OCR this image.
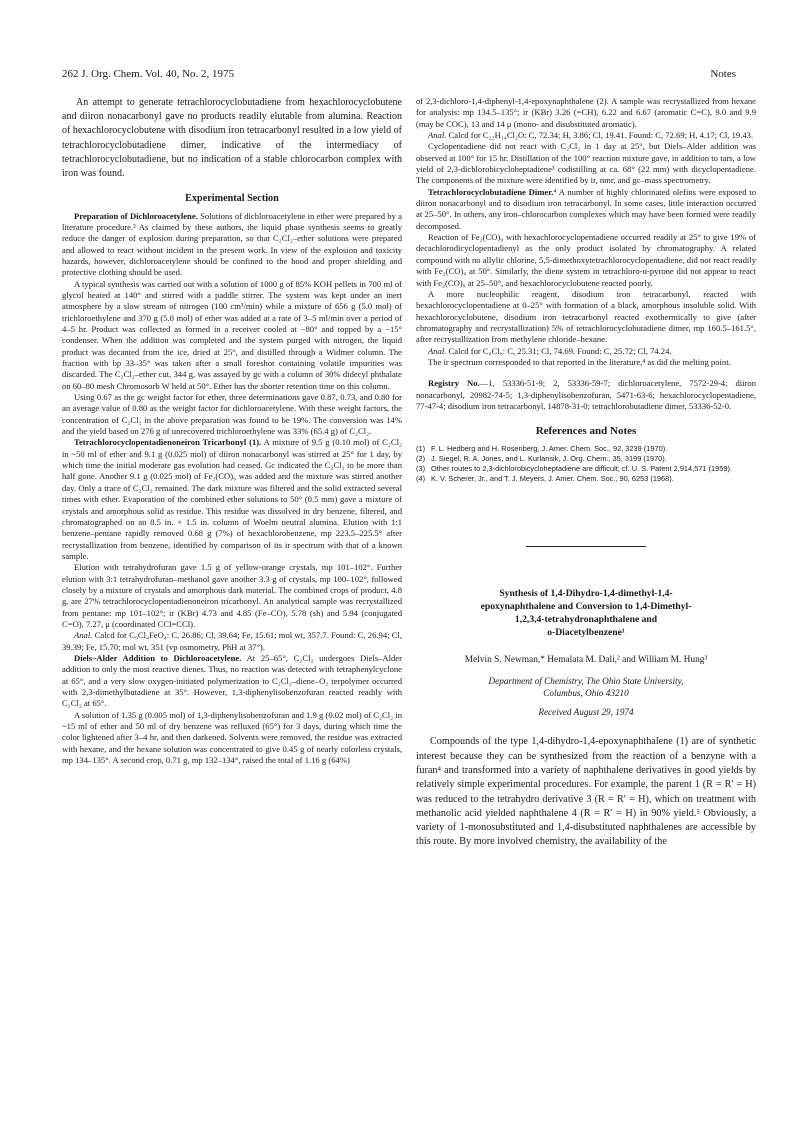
262 J. Org. Chem. Vol. 40, No. 2, 1975	Notes

An attempt to generate tetrachlorocyclobutadiene from hexachlorocyclobutene and diiron nonacarbonyl gave no products readily elutable from alumina. Reaction of hexachlorocyclobutene with disodium iron tetracarbonyl resulted in a low yield of tetrachlorocyclobutadiene dimer, indicative of the intermediacy of tetrachlorocyclobutadiene, but no indication of a stable chlorocarbon complex with iron was found.

Experimental Section

Preparation of Dichloroacetylene. Solutions of dichloroacetylene in ether were prepared by a literature procedure.² As claimed by these authors, the liquid phase synthesis seems to greatly reduce the danger of explosion during preparation, so that C₂Cl₂–ether solutions were prepared and allowed to react without incident in the present work. In view of the explosion and toxicity hazards, however, dichloroacetylene should be confined to the hood and proper shielding and protective clothing should be used.

A typical synthesis was carried out with a solution of 1000 g of 85% KOH pellets in 700 ml of glycol heated at 140° and stirred with a paddle stirrer. The system was kept under an inert atmosphere by a slow stream of nitrogen (100 cm³/min) while a mixture of 656 g (5.0 mol) of trichloroethylene and 370 g (5.0 mol) of ether was added at a rate of 3–5 ml/min over a period of 4–5 hr. Product was collected as formed in a receiver cooled at −80° and topped by a −15° condenser. When the addition was completed and the system purged with nitrogen, the liquid product was decanted from the ice, dried at 25°, and distilled through a Widmer column. The fraction with bp 33–35° was taken after a small foreshot containing volatile impurities was discarded. The C₂Cl₂–ether cut, 344 g, was assayed by gc with a column of 30% didecyl phthalate on 60–80 mesh Chromosorb W held at 50°. Ether has the shorter retention time on this column.

Using 0.67 as the gc weight factor for ether, three determinations gave 0.87, 0.73, and 0.80 for an average value of 0.80 as the weight factor for dichloroacetylene. With these weight factors, the concentration of C₂Cl₂ in the above preparation was found to be 19%. The conversion was 14% and the yield based on 276 g of unrecovered trichloroethylene was 33% (65.4 g) of C₂Cl₂.

Tetrachlorocyclopentadienoneiron Tricarbonyl (1). A mixture of 9.5 g (0.10 mol) of C₂Cl₂ in ~50 ml of ether and 9.1 g (0.025 mol) of diiron nonacarbonyl was stirred at 25° for 1 day, by which time the initial moderate gas evolution had ceased. Gc indicated the C₂Cl₂ to be more than half gone. Another 9.1 g (0.025 mol) of Fe₂(CO)₉ was added and the mixture was stirred another day. Only a trace of C₂Cl₂ remained. The dark mixture was filtered and the solid extracted several times with ether. Evaporation of the combined ether solutions to 50° (0.5 mm) gave a mixture of crystals and amorphous solid as residue. This residue was dissolved in dry benzene, filtered, and chromatographed on an 8.5 in. × 1.5 in. column of Woelm neutral alumina. Elution with 1:1 benzene–pentane rapidly removed 0.68 g (7%) of hexachlorobenzene, mp 223.5–225.5° after recrystallization from benzene, identified by comparison of its ir spectrum with that of a known sample.

Elution with tetrahydrofuran gave 1.5 g of yellow-orange crystals, mp 101–102°. Further elution with 3:1 tetrahydrofuran–methanol gave another 3.3 g of crystals, mp 100–102°, followed closely by a mixture of crystals and amorphous dark material. The combined crops of product, 4.8 g, are 27% tetrachlorocyclopentadienoneiron tricarbonyl. An analytical sample was recrystallized from pentane: mp 101–102°; ir (KBr) 4.73 and 4.85 (Fe–CO), 5.78 (sh) and 5.94 (conjugated C=O), 7.27, μ (coordinated CCl=CCl).

Anal. Calcd for C₉Cl₄FeO₄: C, 26.86; Cl, 39.64; Fe, 15.61; mol wt, 357.7. Found: C, 26.94; Cl, 39.39; Fe, 15.70; mol wt, 351 (vp osmometry, PhH at 37°).

Diels–Alder Addition to Dichloroacetylene. At 25–65°, C₂Cl₂ undergoes Diels–Alder addition to only the most reactive dienes. Thus, no reaction was detected with tetraphenylcyclone at 65°, and a very slow oxygen-initiated polymerization to C₂Cl₂–diene–O₂ terpolymer occurred with 2,3-dimethylbutadiene at 35°. However, 1,3-diphenylisobenzofuran reacted readily with C₂Cl₂ at 65°.

A solution of 1.35 g (0.005 mol) of 1,3-diphenylisobenzofuran and 1.9 g (0.02 mol) of C₂Cl₂ in ~15 ml of ether and 50 ml of dry benzene was refluxed (65°) for 3 days, during which time the color lightened after 3–4 hr, and then darkened. Solvents were removed, the residue was extracted with hexane, and the hexane solution was concentrated to give 0.45 g of nearly colorless crystals, mp 134–135°. A second crop, 0.71 g, mp 132–134°, raised the total of 1.16 g (64%)

of 2,3-dichloro-1,4-diphenyl-1,4-epoxynaphthalene (2). A sample was recrystallized from hexane for analysis: mp 134.5–135°; ir (KBr) 3.26 (=CH), 6.22 and 6.67 (aromatic C=C), 9.0 and 9.9 (may be COC), 13 and 14 μ (mono- and disubstituted aromatic).

Anal. Calcd for C₂₂H₁₄Cl₂O: C, 72.34; H, 3.86; Cl, 19.41. Found: C, 72.69; H, 4.17; Cl, 19.43.

Cyclopentadiene did not react with C₂Cl₂ in 1 day at 25°, but Diels–Alder addition was observed at 100° for 15 hr. Distillation of the 100° reaction mixture gave, in addition to tars, a low yield of 2,3-dichlorobicycloheptadiene³ codistilling at ca. 68° (22 mm) with dicyclopentadiene. The components of the mixture were identified by ir, nmr, and gc–mass spectrometry.

Tetrachlorocyclobutadiene Dimer.⁴ A number of highly chlorinated olefins were exposed to diiron nonacarbonyl and to disodium iron tetracarbonyl. In some cases, little interaction occurred at 25–50°. In others, any iron–chlorocarbon complexes which may have been formed were readily decomposed.

Reaction of Fe₂(CO)₉ with hexachlorocyclopentadiene occurred readily at 25° to give 19% of decachlorodicyclopentadienyl as the only product isolated by chromatography. A related compound with no allylic chlorine, 5,5-dimethoxytetrachlorocyclopentadiene, did not react readily with Fe₂(CO)₉ at 50°. Similarly, the diene system in tetrachloro-α-pyrone did not appear to react with Fe₂(CO)₉ at 25–50°, and hexachlorocyclobutene reacted poorly.

A more nucleophilic reagent, disodium iron tetracarbonyl, reacted with hexachlorocyclopentadiene at 0–25° with formation of a black, amorphous insoluble solid. With hexachlorocyclobutene, disodium iron tetracarbonyl reacted exothermically to give (after chromatography and recrystallization) 5% of tetrachlorocyclobutadiene dimer, mp 160.5–161.5°, after recrystallization from methylene chloride–hexane.

Anal. Calcd for C₈Cl₈: C, 25.31; Cl, 74.69. Found: C, 25.72; Cl, 74.24.

The ir spectrum corresponded to that reported in the literature,⁴ as did the melting point.

Registry No.—1, 53336-51-9; 2, 53336-59-7; dichloroacetylene, 7572-29-4; diiron nonacarbonyl, 20982-74-5; 1,3-diphenylisobenzofuran, 5471-63-6; hexachlorocyclopentadiene, 77-47-4; disodium iron tetracarbonyl, 14878-31-0; tetrachlorobutadiene dimer, 53336-52-0.

References and Notes
(1) F. L. Hedberg and H. Rosenberg, J. Amer. Chem. Soc., 92, 3239 (1970).
(2) J. Siegel, R. A. Jones, and L. Kurlansik, J. Org. Chem., 35, 3199 (1970).
(3) Other routes to 2,3-dichlorobicycloheptadiene are difficult; cf. U. S. Patent 2,914,571 (1959).
(4) K. V. Scherer, Jr., and T. J. Meyers, J. Amer. Chem. Soc., 90, 6253 (1968).
Synthesis of 1,4-Dihydro-1,4-dimethyl-1,4-
epoxynaphthalene and Conversion to 1,4-Dimethyl-
1,2,3,4-tetrahydronaphthalene and
o-Diacetylbenzene¹
Melvin S. Newman,* Hemalata M. Dali,² and William M. Hung³
Department of Chemistry, The Ohio State University,
Columbus, Ohio 43210
Received August 29, 1974

Compounds of the type 1,4-dihydro-1,4-epoxynaphthalene (1) are of synthetic interest because they can be synthesized from the reaction of a benzyne with a furan⁴ and transformed into a variety of naphthalene derivatives in good yields by relatively simple experimental procedures. For example, the parent 1 (R = R′ = H) was reduced to the tetrahydro derivative 3 (R = R′ = H), which on treatment with methanolic acid yielded naphthalene 4 (R = R′ = H) in 90% yield.⁵ Obviously, a variety of 1-monosubstituted and 1,4-disubstituted naphthalenes are accessible by this route. By more involved chemistry, the availability of the
